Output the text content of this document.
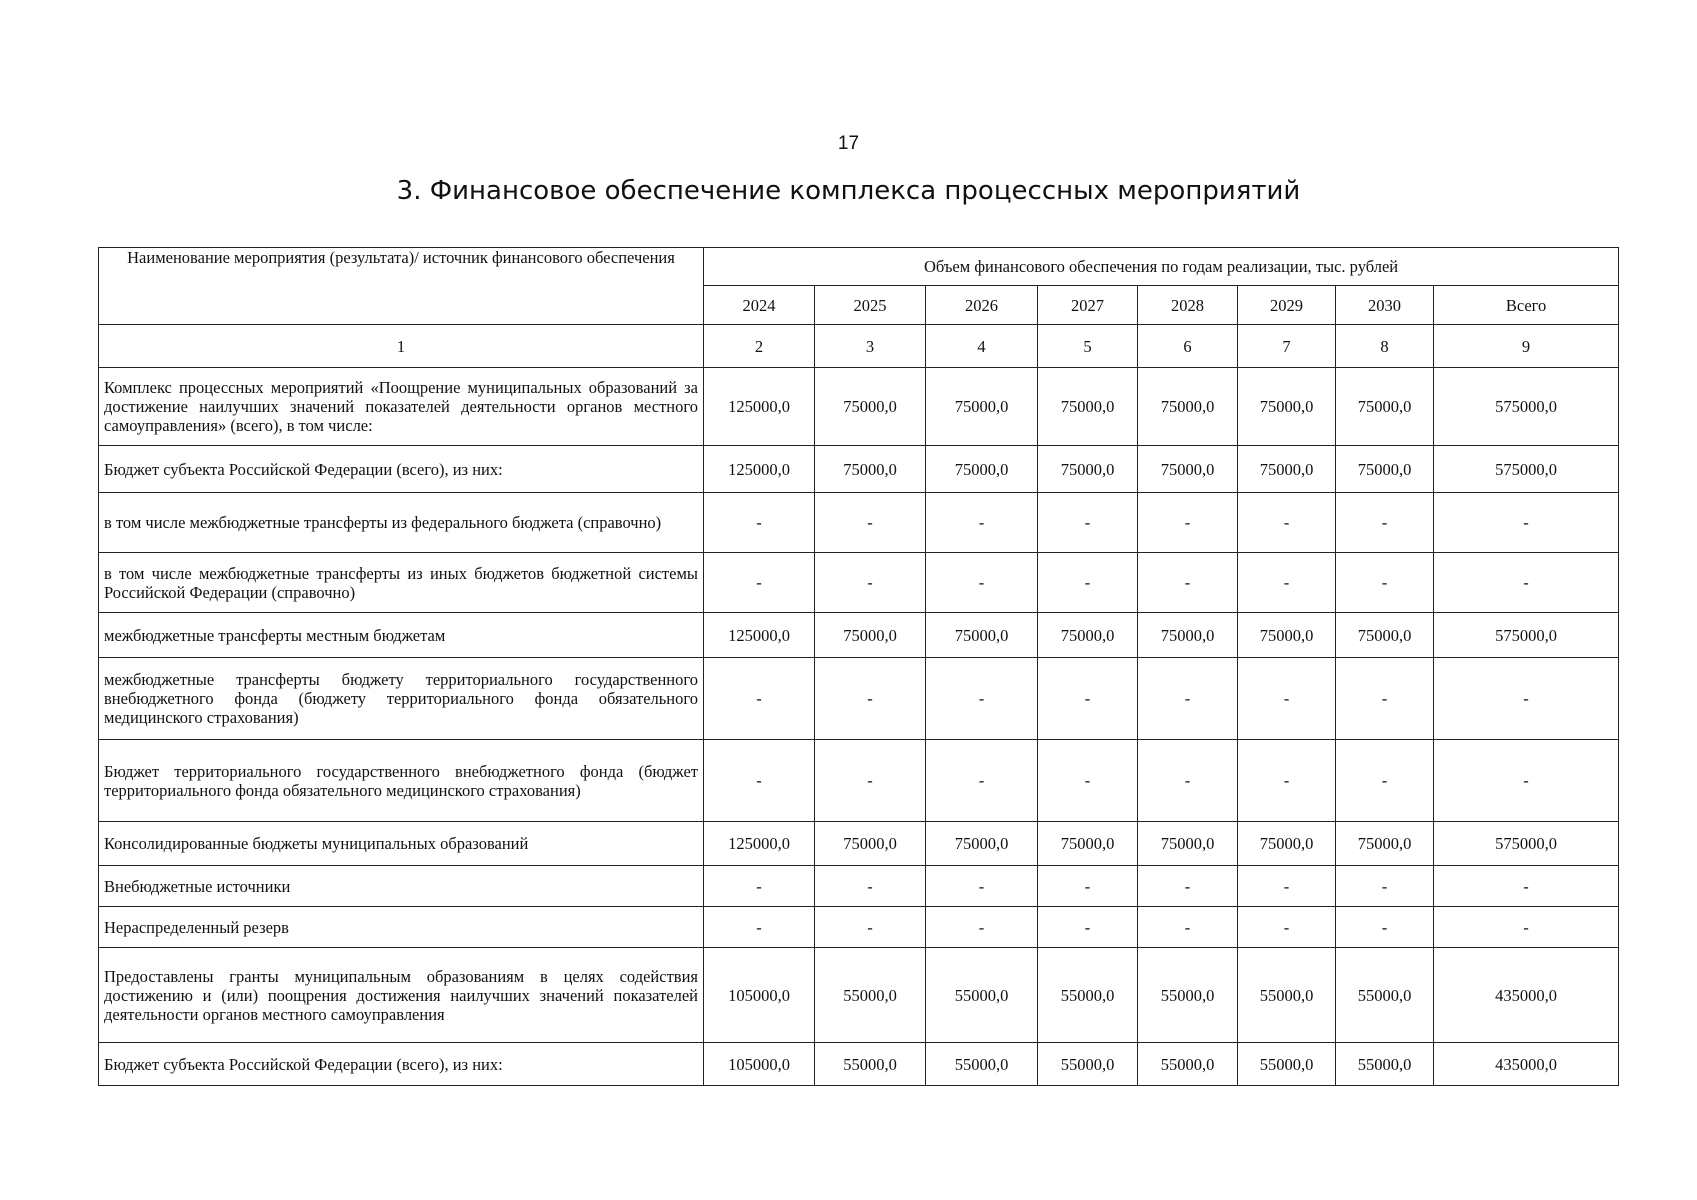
17
3. Финансовое обеспечение комплекса процессных мероприятий
Наименование мероприятия (результата)/ источник финансового обеспечения	Объем финансового обеспечения по годам реализации, тыс. рублей							
	2024	2025	2026	2027	2028	2029	2030	Всего
1	2	3	4	5	6	7	8	9
Комплекс процессных мероприятий «Поощрение муниципальных образований за достижение наилучших значений показателей деятельности органов местного самоуправления» (всего), в том числе:	125000,0	75000,0	75000,0	75000,0	75000,0	75000,0	75000,0	575000,0
Бюджет субъекта Российской Федерации (всего), из них:	125000,0	75000,0	75000,0	75000,0	75000,0	75000,0	75000,0	575000,0
в том числе межбюджетные трансферты из федерального бюджета (справочно)	-	-	-	-	-	-	-	-
в том числе межбюджетные трансферты из иных бюджетов бюджетной системы Российской Федерации (справочно)	-	-	-	-	-	-	-	-
межбюджетные трансферты местным бюджетам	125000,0	75000,0	75000,0	75000,0	75000,0	75000,0	75000,0	575000,0
межбюджетные трансферты бюджету территориального государственного внебюджетного фонда (бюджету территориального фонда обязательного медицинского страхования)	-	-	-	-	-	-	-	-
Бюджет территориального государственного внебюджетного фонда (бюджет территориального фонда обязательного медицинского страхования)	-	-	-	-	-	-	-	-
Консолидированные бюджеты муниципальных образований	125000,0	75000,0	75000,0	75000,0	75000,0	75000,0	75000,0	575000,0
Внебюджетные источники	-	-	-	-	-	-	-	-
Нераспределенный резерв	-	-	-	-	-	-	-	-
Предоставлены гранты муниципальным образованиям в целях содействия достижению и (или) поощрения достижения наилучших значений показателей деятельности органов местного самоуправления	105000,0	55000,0	55000,0	55000,0	55000,0	55000,0	55000,0	435000,0
Бюджет субъекта Российской Федерации (всего), из них:	105000,0	55000,0	55000,0	55000,0	55000,0	55000,0	55000,0	435000,0
